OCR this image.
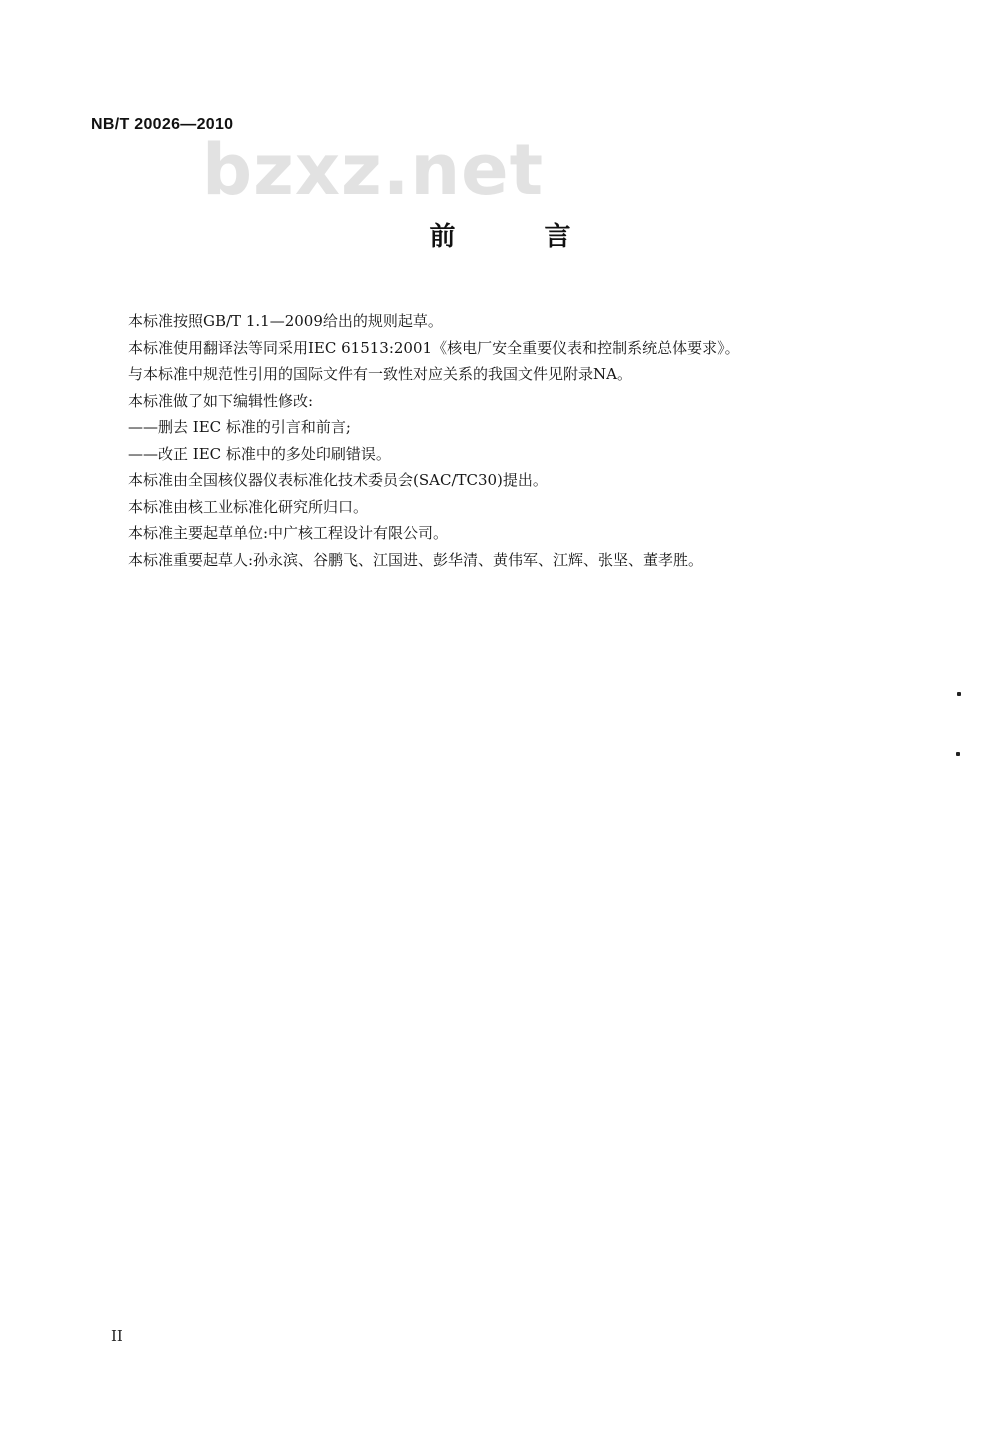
NB/T 20026—2010
bzxz.net
前 言

本标准按照GB/T 1.1—2009给出的规则起草。

本标准使用翻译法等同采用IEC 61513:2001《核电厂安全重要仪表和控制系统总体要求》。

与本标准中规范性引用的国际文件有一致性对应关系的我国文件见附录NA。

本标准做了如下编辑性修改:

——删去 IEC 标准的引言和前言;

——改正 IEC 标准中的多处印刷错误。

本标准由全国核仪器仪表标准化技术委员会(SAC/TC30)提出。

本标准由核工业标准化研究所归口。

本标准主要起草单位:中广核工程设计有限公司。

本标准重要起草人:孙永滨、谷鹏飞、江国进、彭华清、黄伟军、江辉、张坚、董孝胜。

II
